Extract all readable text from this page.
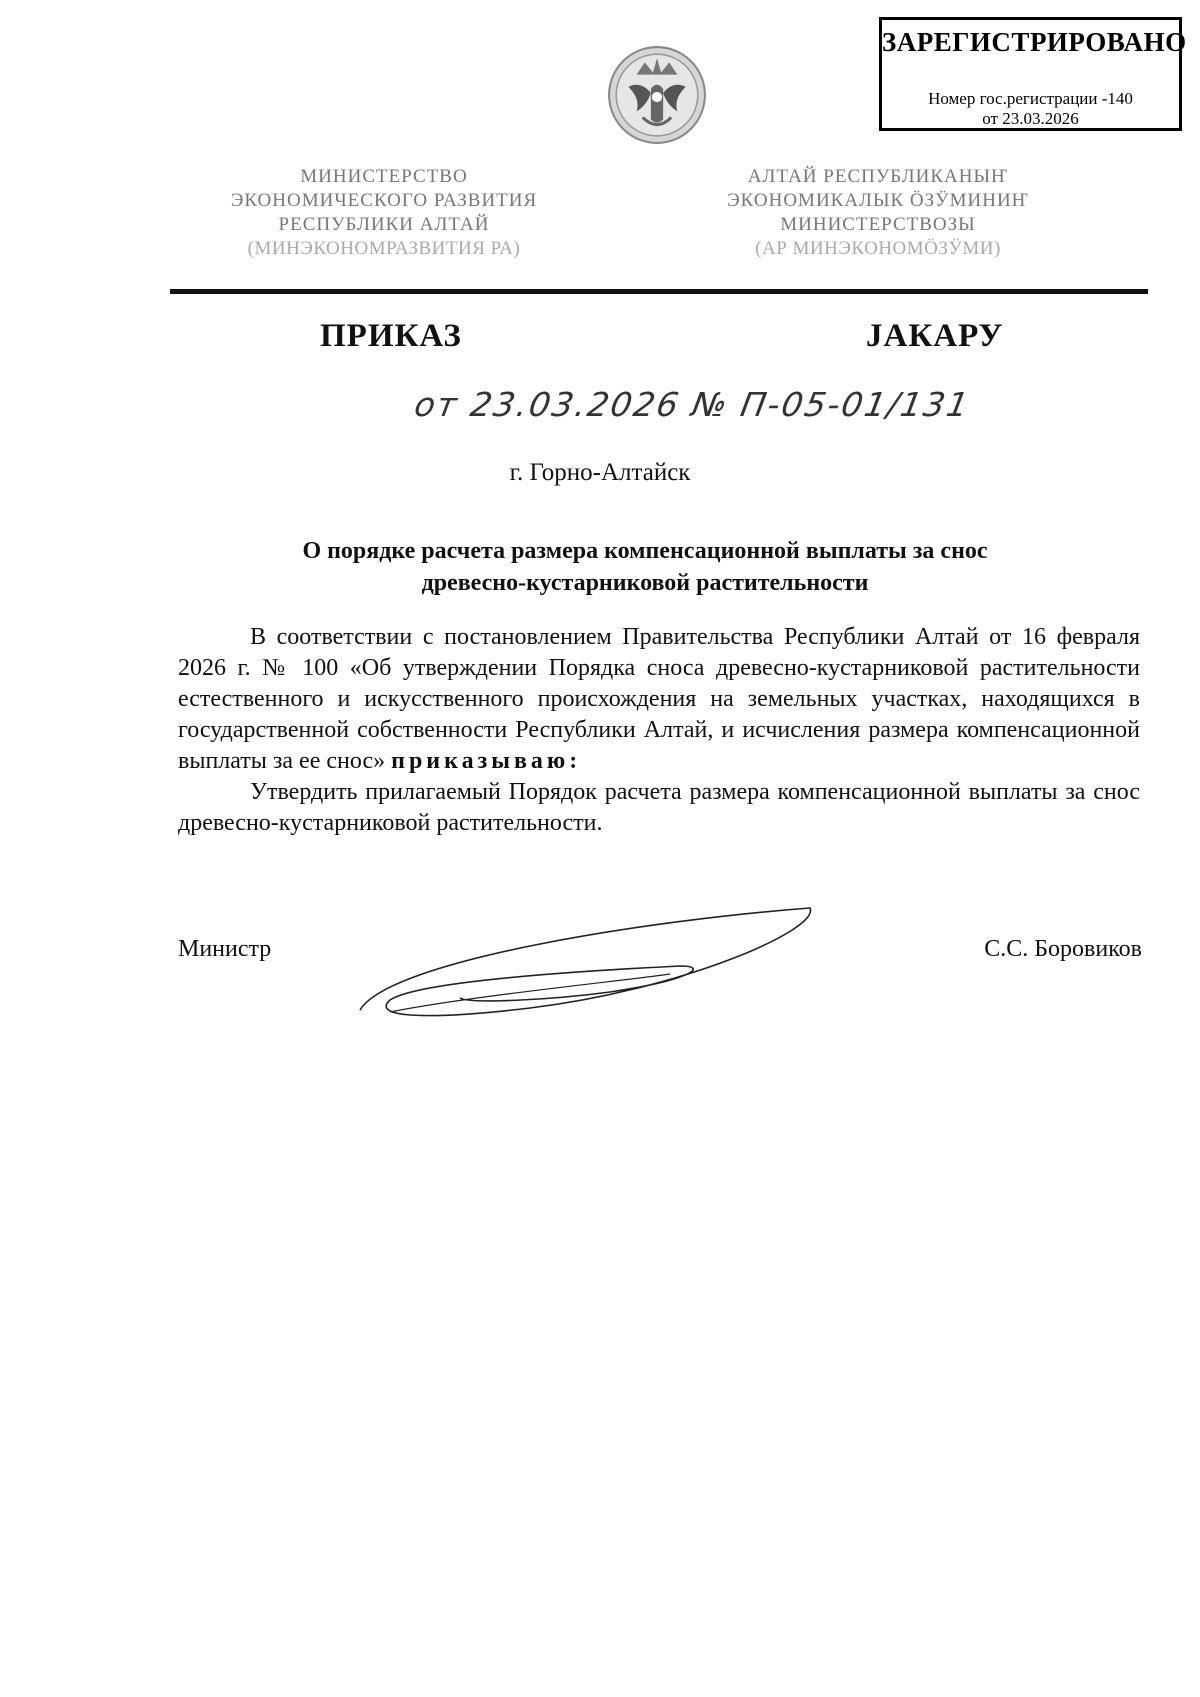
ЗАРЕГИСТРИРОВАНО
Номер гос.регистрации -140
от 23.03.2026
МИНИСТЕРСТВО
ЭКОНОМИЧЕСКОГО РАЗВИТИЯ
РЕСПУБЛИКИ АЛТАЙ
(МИНЭКОНОМРАЗВИТИЯ РА)
АЛТАЙ РЕСПУБЛИКАНЫҤ
ЭКОНОМИКАЛЫК ÖЗӰМИНИҤ
МИНИСТЕРСТВОЗЫ
(АР МИНЭКОНОМÖЗӰМИ)
ПРИКАЗ	JАКАРУ
от 23.03.2026 № П-05-01/131
г. Горно-Алтайск
О порядке расчета размера компенсационной выплаты за снос
древесно-кустарниковой растительности

В соответствии с постановлением Правительства Республики Алтай от 16 февраля 2026 г. № 100 «Об утверждении Порядка сноса древесно-кустарниковой растительности естественного и искусственного происхождения на земельных участках, находящихся в государственной собственности Республики Алтай, и исчисления размера компенсационной выплаты за ее снос» приказываю:

Утвердить прилагаемый Порядок расчета размера компенсационной выплаты за снос древесно-кустарниковой растительности.

Министр	С.С. Боровиков
